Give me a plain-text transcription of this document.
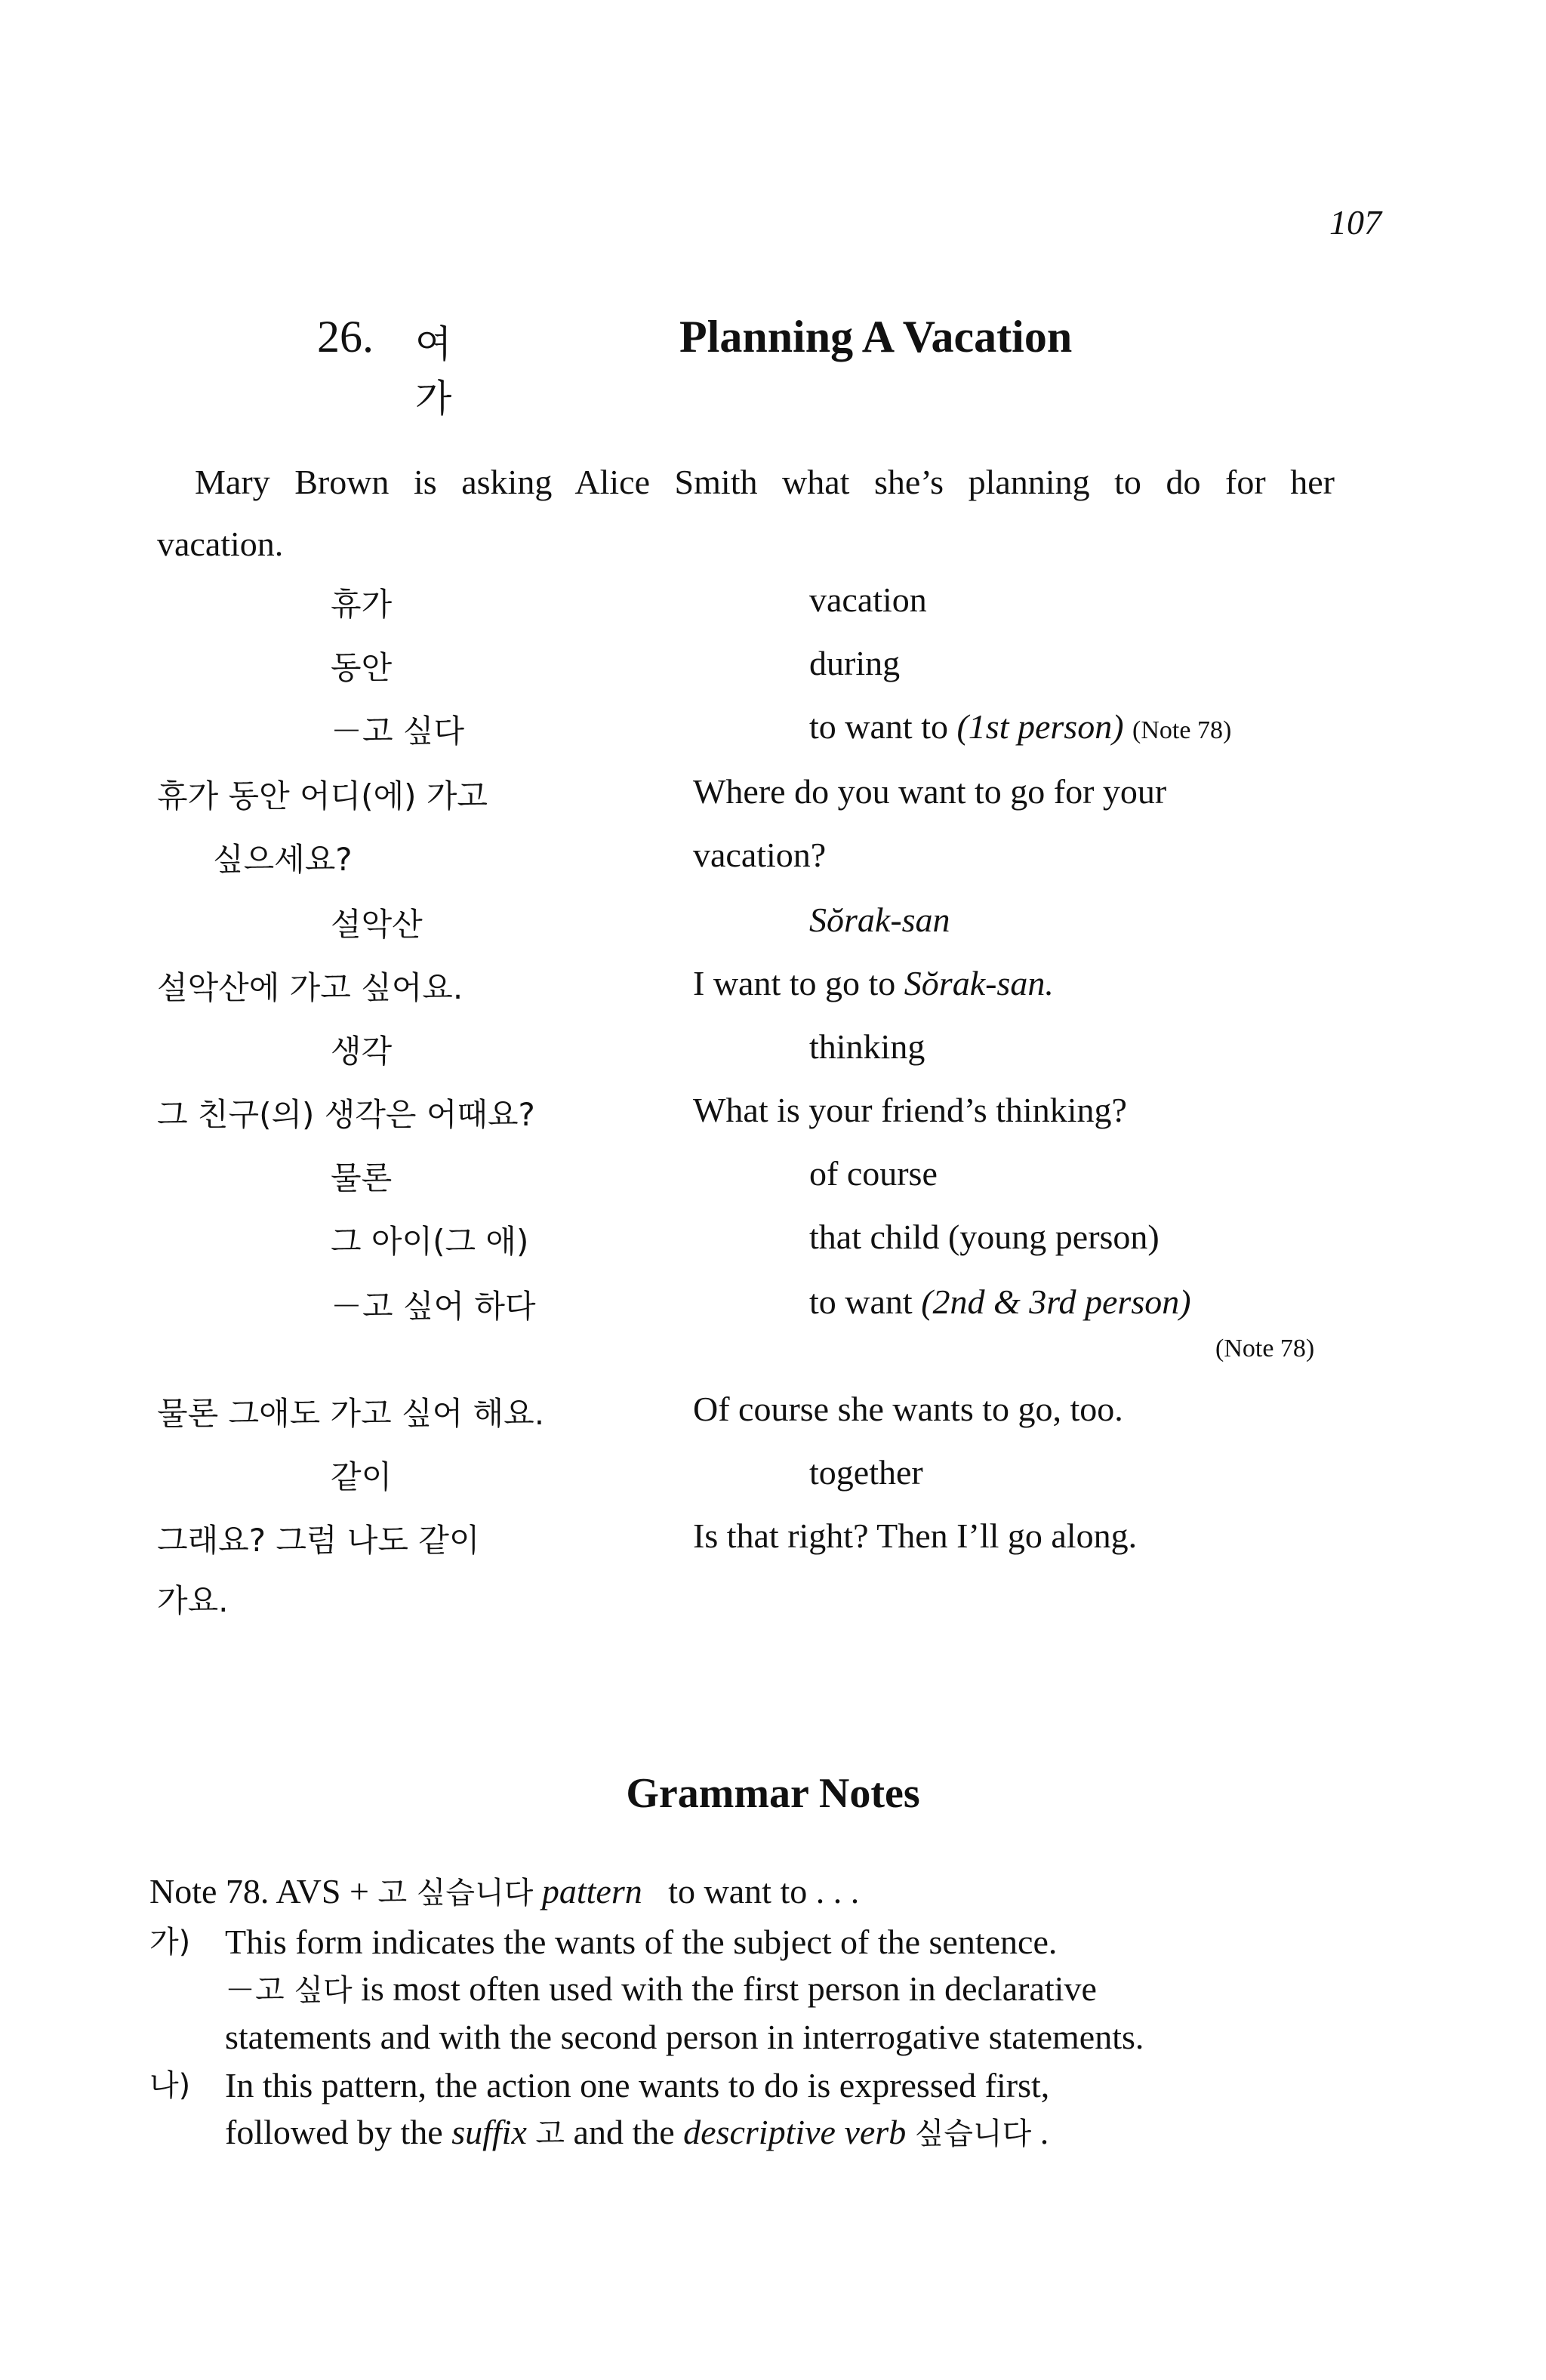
107
26. 여 가
Planning A Vacation
Mary Brown is asking Alice Smith what she’s planning to do for her
vacation.
휴가	vacation
동안	during
－고 싶다	to want to (1st person) (Note 78)
휴가 동안 어디(에) 가고	Where do you want to go for your
싶으세요?	vacation?
설악산	Sŏrak-san
설악산에 가고 싶어요.	I want to go to Sŏrak-san.
생각	thinking
그 친구(의) 생각은 어때요?	What is your friend’s thinking?
물론	of course
그 아이(그 애)	that child (young person)
－고 싶어 하다	to want (2nd & 3rd person)
(Note 78)
물론 그애도 가고 싶어 해요.	Of course she wants to go, too.
같이	together
그래요? 그럼 나도 같이	Is that right? Then I’ll go along.
가요.
Grammar Notes
Note 78. AVS + 고 싶습니다 pattern to want to . . .
가) This form indicates the wants of the subject of the sentence.
－고 싶다 is most often used with the first person in declarative
statements and with the second person in interrogative statements.
나) In this pattern, the action one wants to do is expressed first,
followed by the suffix 고 and the descriptive verb 싶습니다 .
